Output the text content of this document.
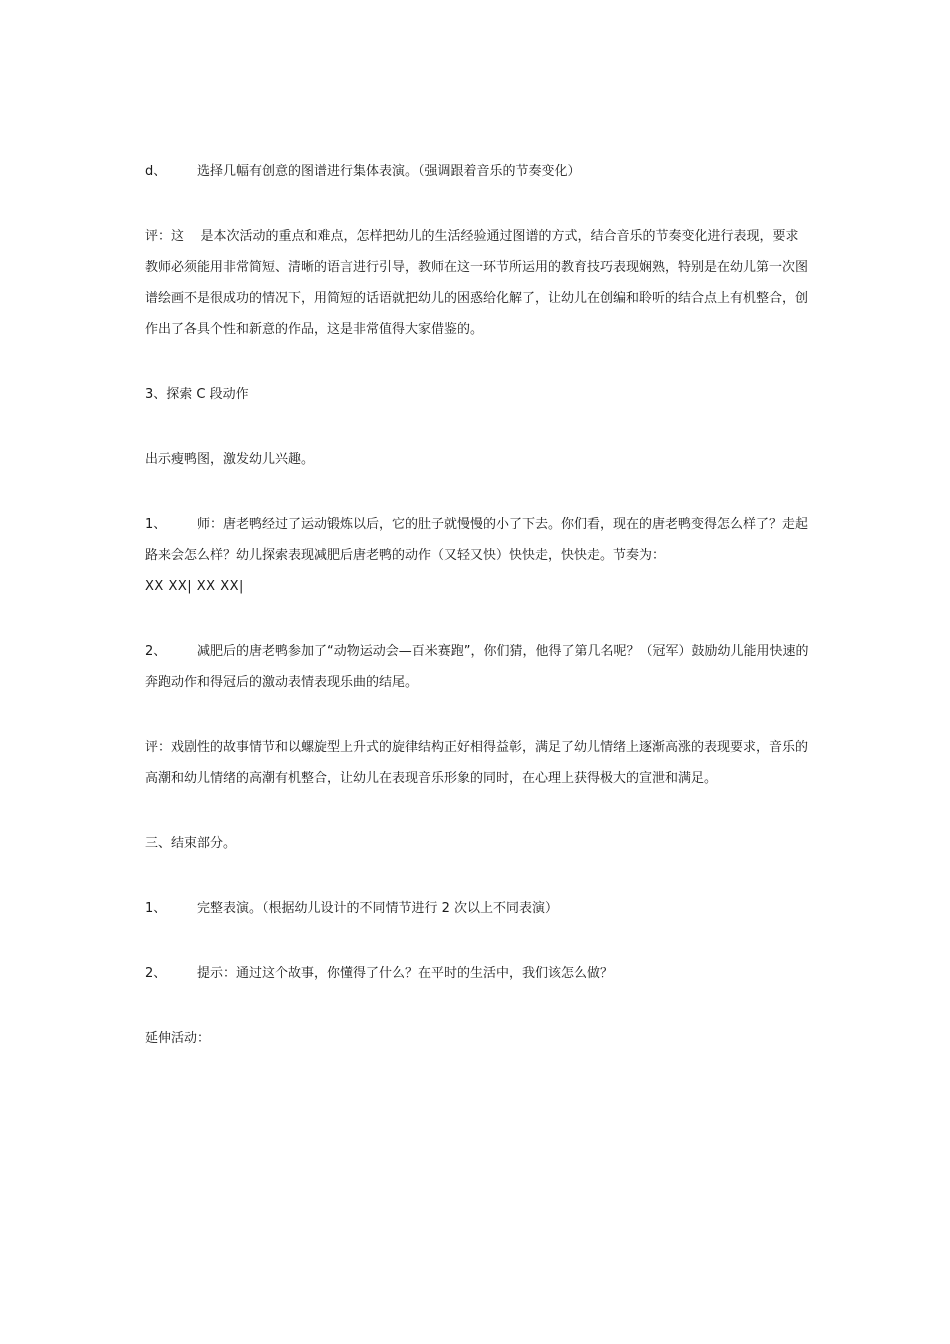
d、 选择几幅有创意的图谱进行集体表演。（强调跟着音乐的节奏变化）

评：这 是本次活动的重点和难点，怎样把幼儿的生活经验通过图谱的方式，结合音乐的节奏变化进行表现，要求教师必须能用非常简短、清晰的语言进行引导，教师在这一环节所运用的教育技巧表现娴熟，特别是在幼儿第一次图谱绘画不是很成功的情况下，用简短的话语就把幼儿的困惑给化解了，让幼儿在创编和聆听的结合点上有机整合，创作出了各具个性和新意的作品，这是非常值得大家借鉴的。

3、探索 C 段动作

出示瘦鸭图，激发幼儿兴趣。

1、 师：唐老鸭经过了运动锻炼以后，它的肚子就慢慢的小了下去。你们看，现在的唐老鸭变得怎么样了？走起路来会怎么样？幼儿探索表现减肥后唐老鸭的动作（又轻又快）快快走，快快走。节奏为：
XX XX| XX XX|

2、 减肥后的唐老鸭参加了“动物运动会—百米赛跑”，你们猜，他得了第几名呢？（冠军）鼓励幼儿能用快速的奔跑动作和得冠后的激动表情表现乐曲的结尾。

评：戏剧性的故事情节和以螺旋型上升式的旋律结构正好相得益彰，满足了幼儿情绪上逐渐高涨的表现要求，音乐的高潮和幼儿情绪的高潮有机整合，让幼儿在表现音乐形象的同时，在心理上获得极大的宣泄和满足。

三、结束部分。

1、 完整表演。（根据幼儿设计的不同情节进行 2 次以上不同表演）

2、 提示：通过这个故事，你懂得了什么？在平时的生活中，我们该怎么做？

延伸活动：
